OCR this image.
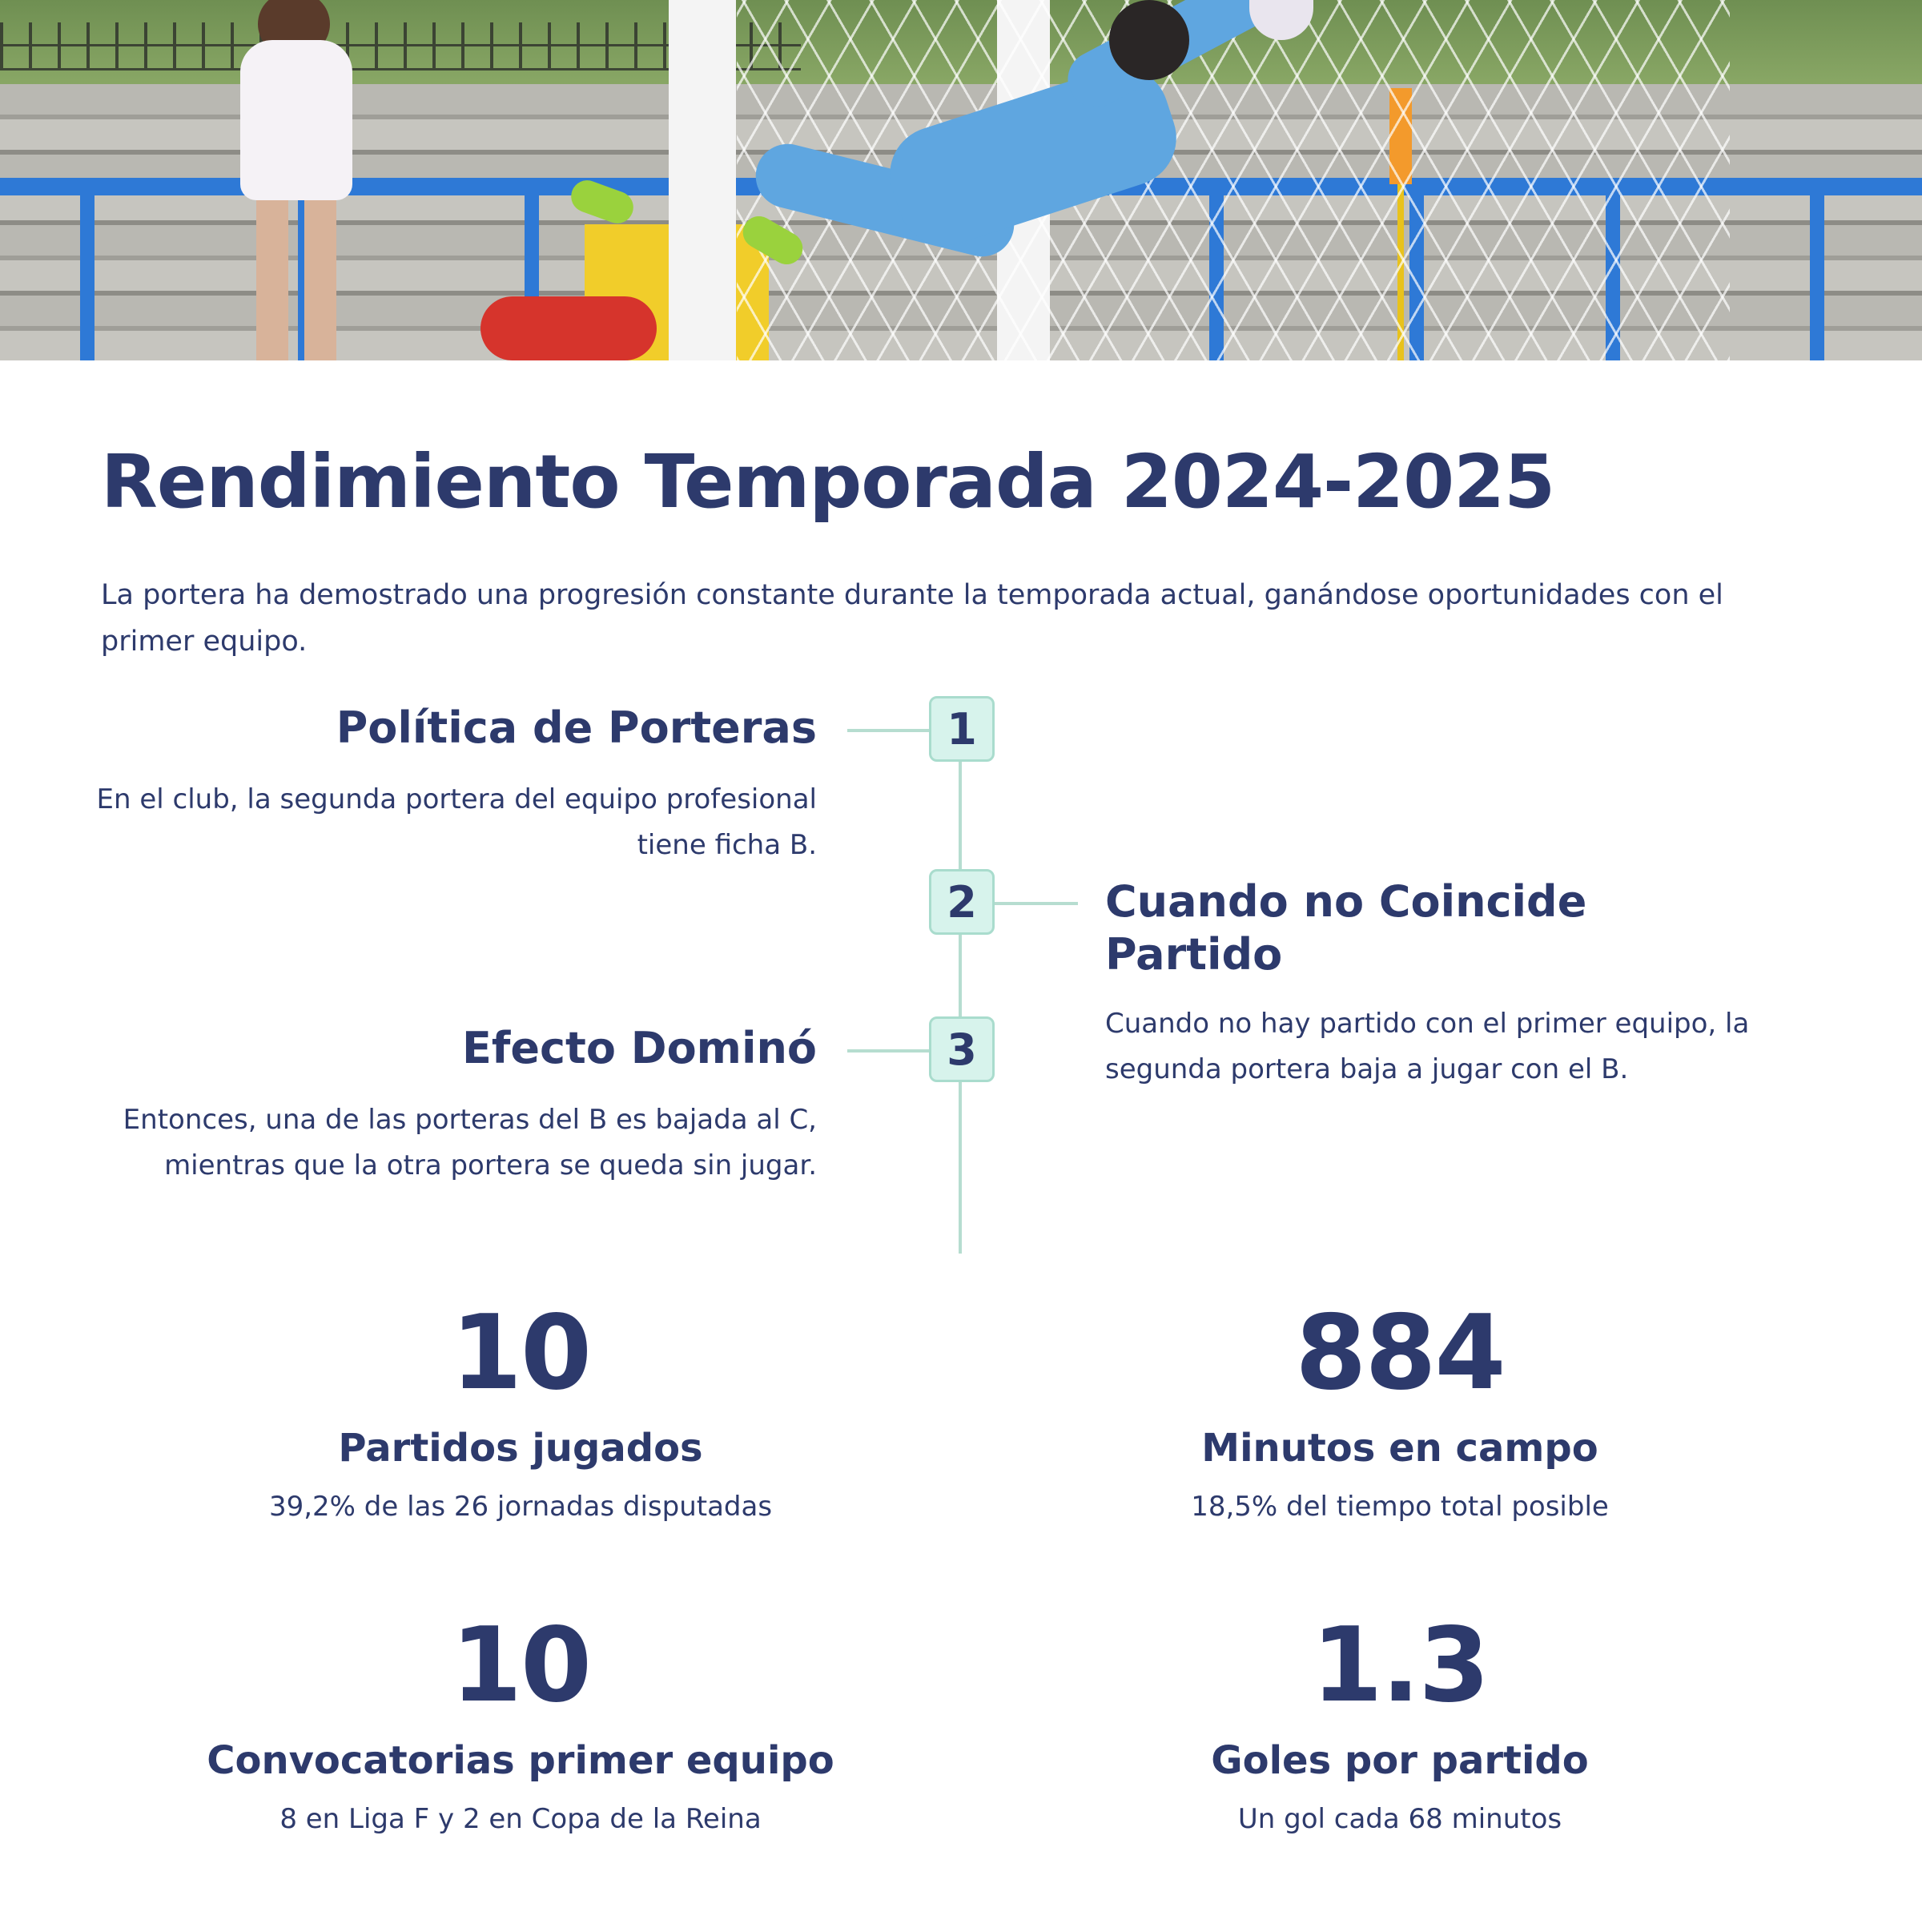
Rendimiento Temporada 2024-2025

La portera ha demostrado una progresión constante durante la temporada actual, ganándose oportunidades con el primer equipo.

1
Política de Porteras
En el club, la segunda portera del equipo profesional tiene ficha B.
2	Cuando no Coincide Partido
Cuando no hay partido con el primer equipo, la segunda portera baja a jugar con el B.
3
Efecto Dominó
Entonces, una de las porteras del B es bajada al C, mientras que la otra portera se queda sin jugar.
10
Partidos jugados
39,2% de las 26 jornadas disputadas
884
Minutos en campo
18,5% del tiempo total posible
10
Convocatorias primer equipo
8 en Liga F y 2 en Copa de la Reina
1.3
Goles por partido
Un gol cada 68 minutos
